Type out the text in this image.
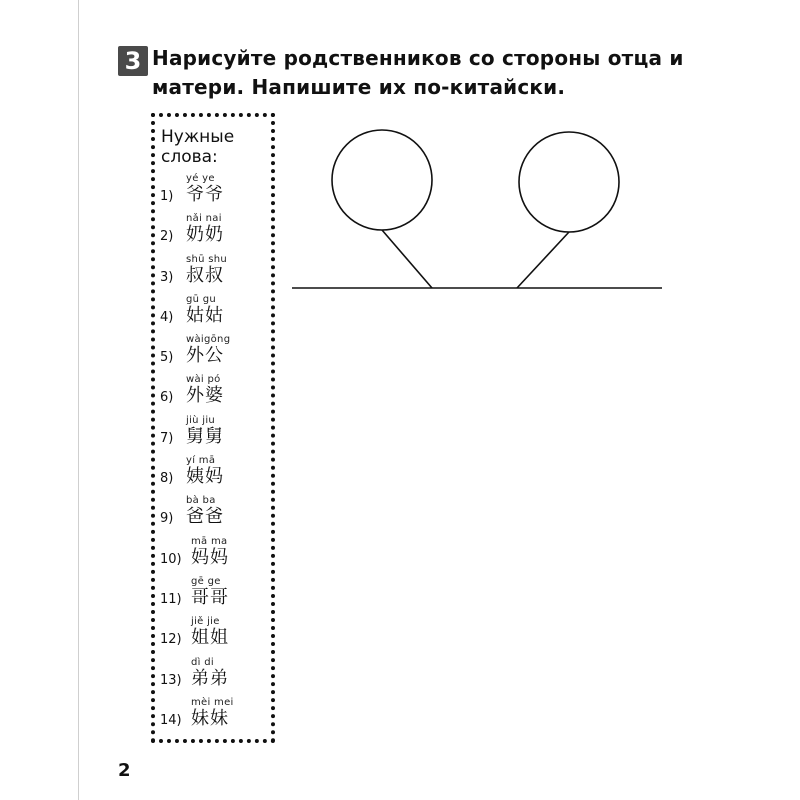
3 Нарисуйте родственников со стороны отца и матери. Напишите их по-китайски.
Нужные слова:
yé ye
1) 爷爷
nǎi nai
2) 奶奶
shū shu
3) 叔叔
gū gu
4) 姑姑
wàigōng
5) 外公
wài pó
6) 外婆
jiù jiu
7) 舅舅
yí mā
8) 姨妈
bà ba
9) 爸爸
mā ma
10) 妈妈
gē ge
11) 哥哥
jiě jie
12) 姐姐
dì di
13) 弟弟
mèi mei
14) 妹妹
2
